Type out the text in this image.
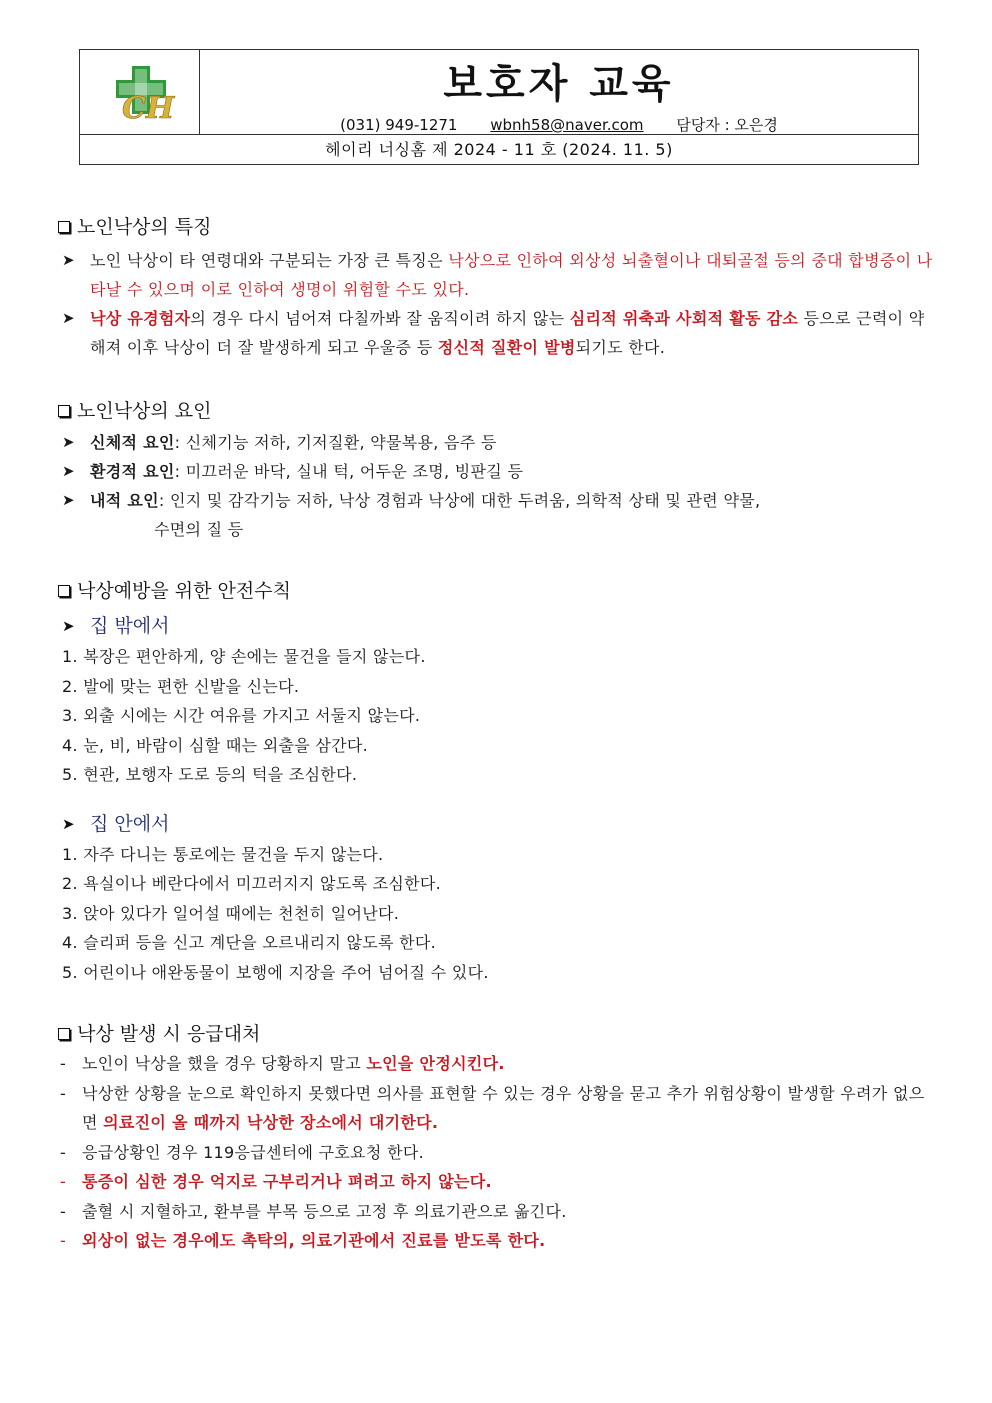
CH
보호자 교육
(031) 949-1271 wbnh58@naver.com 담당자 : 오은경
헤이리 너싱홈 제 2024 - 11 호 (2024. 11. 5)
노인낙상의 특징

➤ 노인 낙상이 타 연령대와 구분되는 가장 큰 특징은 낙상으로 인하여 외상성 뇌출혈이나 대퇴골절 등의 중대 합병증이 나타날 수 있으며 이로 인하여 생명이 위험할 수도 있다.

➤ 낙상 유경험자의 경우 다시 넘어져 다칠까봐 잘 움직이려 하지 않는 심리적 위축과 사회적 활동 감소 등으로 근력이 약해져 이후 낙상이 더 잘 발생하게 되고 우울증 등 정신적 질환이 발병되기도 한다.

노인낙상의 요인

➤ 신체적 요인: 신체기능 저하, 기저질환, 약물복용, 음주 등

➤ 환경적 요인: 미끄러운 바닥, 실내 턱, 어두운 조명, 빙판길 등

➤ 내적 요인: 인지 및 감각기능 저하, 낙상 경험과 낙상에 대한 두려움, 의학적 상태 및 관련 약물,

수면의 질 등

낙상예방을 위한 안전수칙
➤ 집 밖에서
1. 복장은 편안하게, 양 손에는 물건을 들지 않는다.
2. 발에 맞는 편한 신발을 신는다.
3. 외출 시에는 시간 여유를 가지고 서둘지 않는다.
4. 눈, 비, 바람이 심할 때는 외출을 삼간다.
5. 현관, 보행자 도로 등의 턱을 조심한다.
➤ 집 안에서
1. 자주 다니는 통로에는 물건을 두지 않는다.
2. 욕실이나 베란다에서 미끄러지지 않도록 조심한다.
3. 앉아 있다가 일어설 때에는 천천히 일어난다.
4. 슬리퍼 등을 신고 계단을 오르내리지 않도록 한다.
5. 어린이나 애완동물이 보행에 지장을 주어 넘어질 수 있다.
낙상 발생 시 응급대처
- 노인이 낙상을 했을 경우 당황하지 말고 노인을 안정시킨다.
- 낙상한 상황을 눈으로 확인하지 못했다면 의사를 표현할 수 있는 경우 상황을 묻고 추가 위험상황이 발생할 우려가 없으면 의료진이 올 때까지 낙상한 장소에서 대기한다.
- 응급상황인 경우 119응급센터에 구호요청 한다.
- 통증이 심한 경우 억지로 구부리거나 펴려고 하지 않는다.
- 출혈 시 지혈하고, 환부를 부목 등으로 고정 후 의료기관으로 옮긴다.
- 외상이 없는 경우에도 촉탁의, 의료기관에서 진료를 받도록 한다.
